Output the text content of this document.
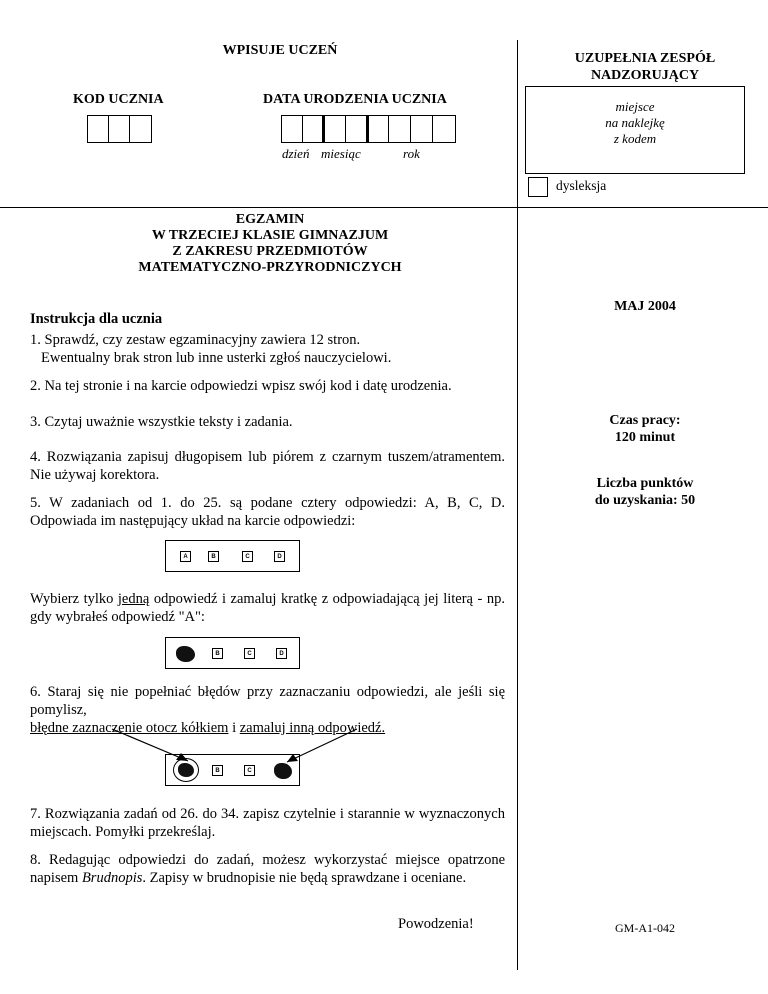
WPISUJE UCZEŃ
KOD UCZNIA	DATA URODZENIA UCZNIA
dzień miesiąc	rok
UZUPEŁNIA ZESPÓŁ
NADZORUJĄCY
miejsce
na naklejkę
z kodem
dysleksja
EGZAMIN
W TRZECIEJ KLASIE GIMNAZJUM
Z ZAKRESU PRZEDMIOTÓW
MATEMATYCZNO-PRZYRODNICZYCH
MAJ 2004
Czas pracy:
120 minut
Liczba punktów
do uzyskania: 50
GM-A1-042
Instrukcja dla ucznia
1. Sprawdź, czy zestaw egzaminacyjny zawiera 12 stron.
Ewentualny brak stron lub inne usterki zgłoś nauczycielowi.
2. Na tej stronie i na karcie odpowiedzi wpisz swój kod i datę urodzenia.
3. Czytaj uważnie wszystkie teksty i zadania.
4. Rozwiązania zapisuj długopisem lub piórem z czarnym tuszem/atramentem. Nie używaj korektora.
5. W zadaniach od 1. do 25. są podane cztery odpowiedzi: A, B, C, D. Odpowiada im następujący układ na karcie odpowiedzi:
A	B	C	D
Wybierz tylko jedną odpowiedź i zamaluj kratkę z odpowiadającą jej literą - np. gdy wybrałeś odpowiedź "A":
B	C	D
6. Staraj się nie popełniać błędów przy zaznaczaniu odpowiedzi, ale jeśli się pomylisz,
błędne zaznaczenie otocz kółkiem i zamaluj inną odpowiedź.
B	C
7. Rozwiązania zadań od 26. do 34. zapisz czytelnie i starannie w wyznaczonych miejscach. Pomyłki przekreślaj.
8. Redagując odpowiedzi do zadań, możesz wykorzystać miejsce opatrzone napisem Brudnopis. Zapisy w brudnopisie nie będą sprawdzane i oceniane.
Powodzenia!
